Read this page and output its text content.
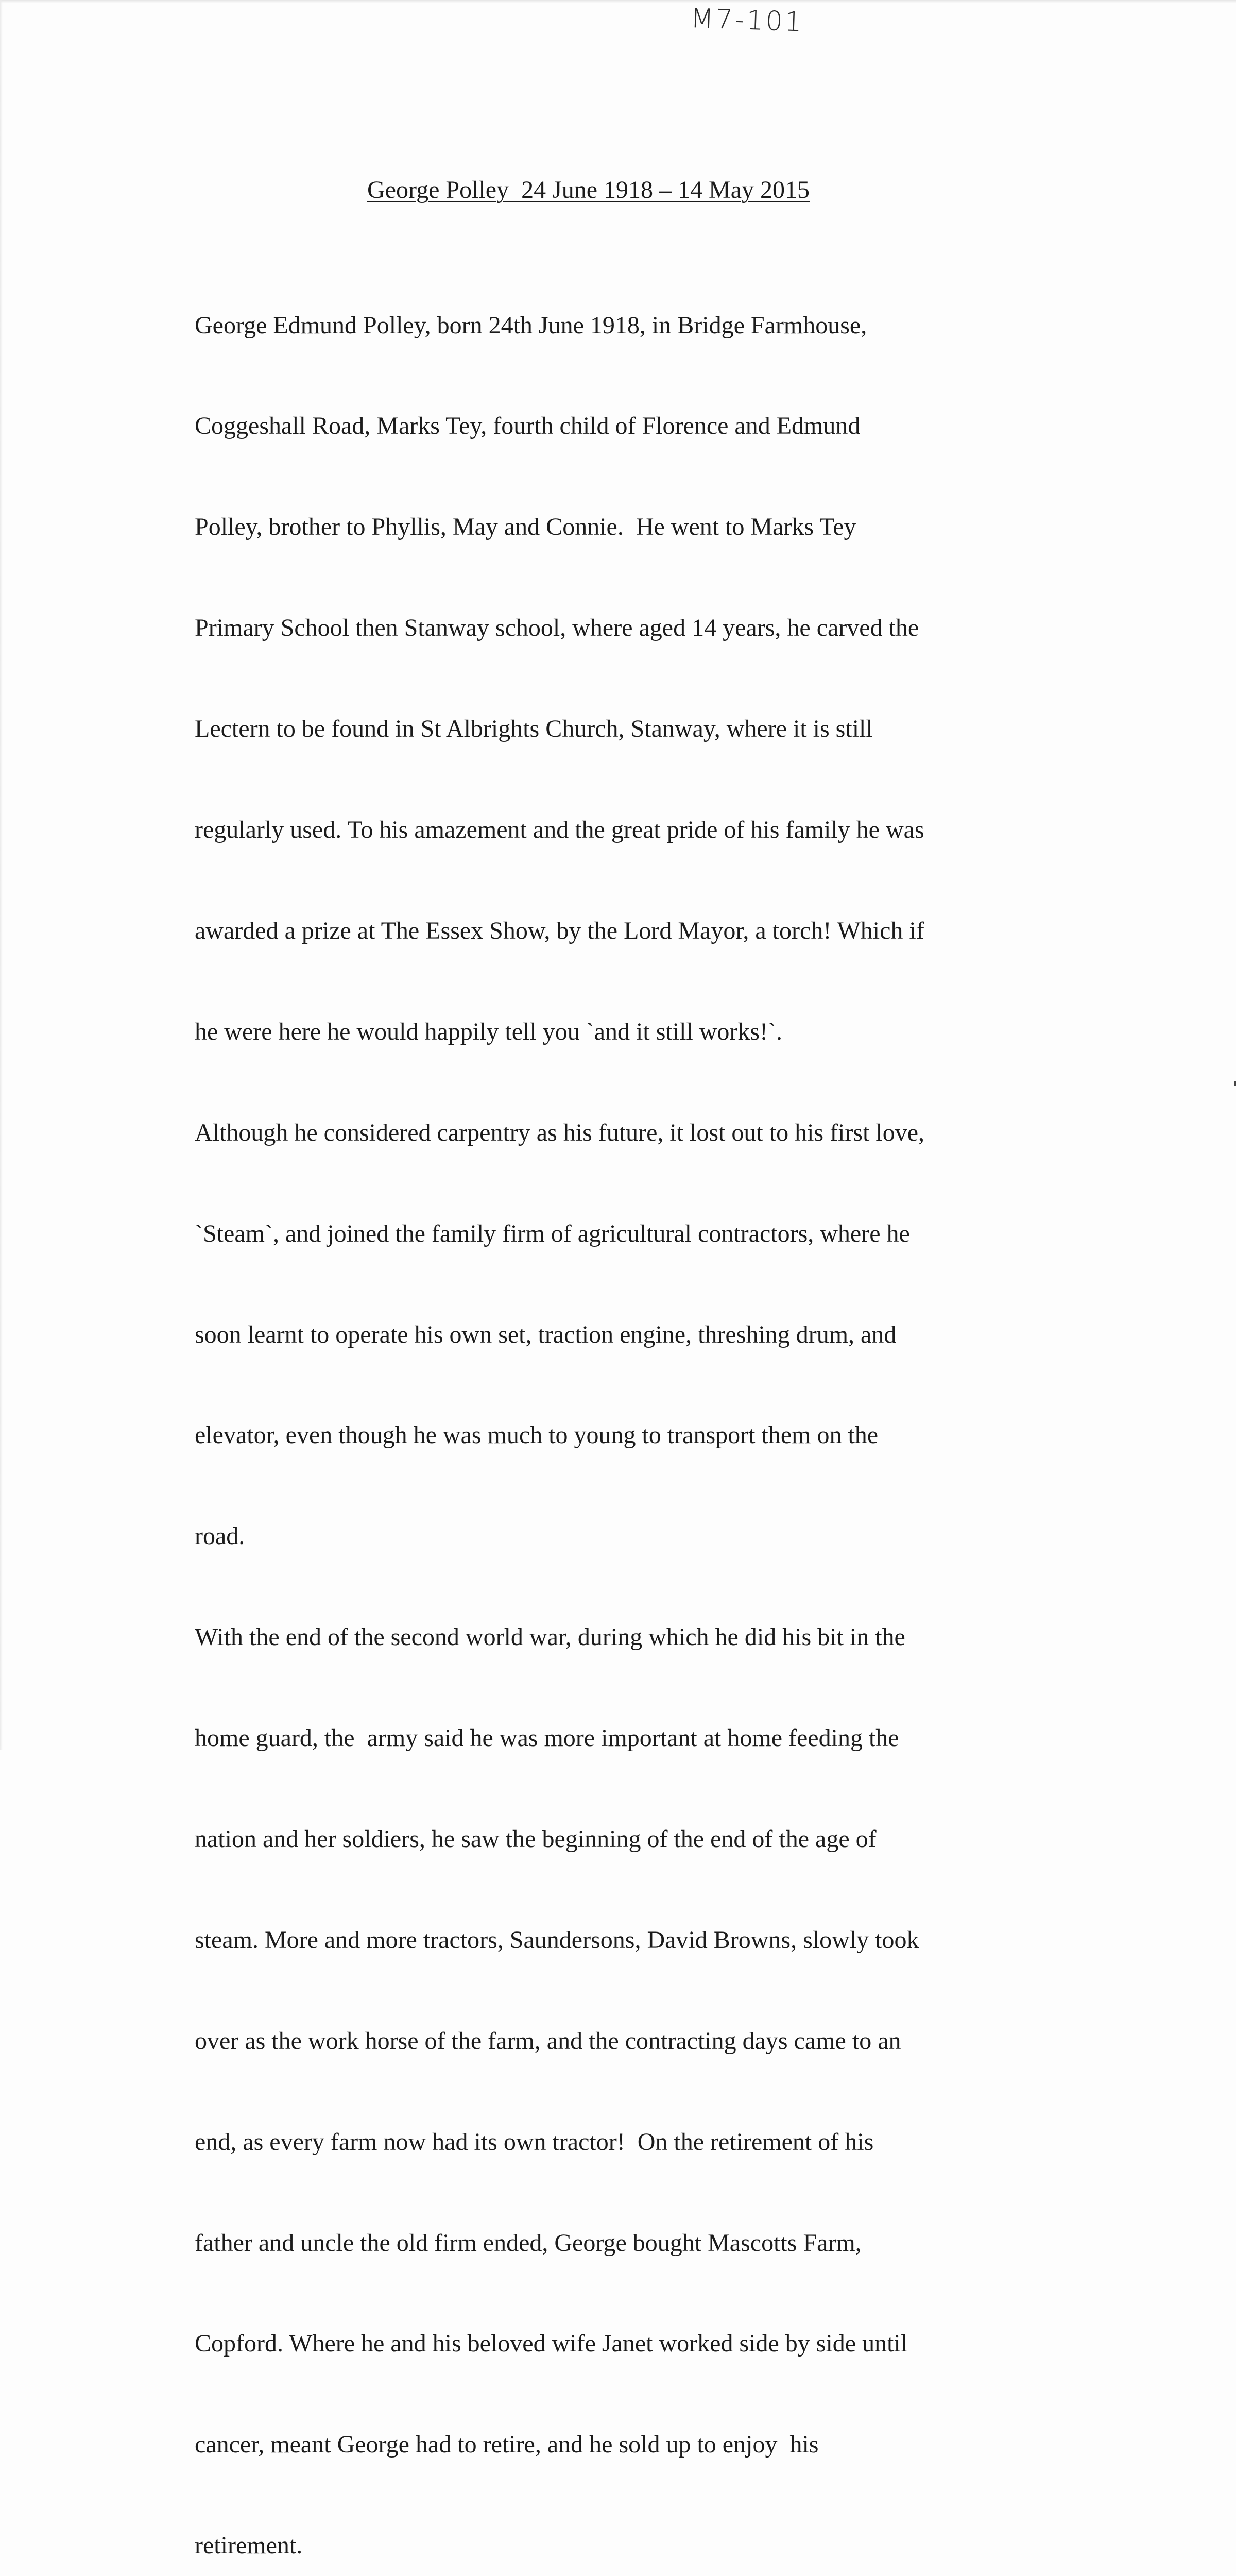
M7-101
George Polley  24 June 1918 – 14 May 2015

George Edmund Polley, born 24th June 1918, in Bridge Farmhouse,

Coggeshall Road, Marks Tey, fourth child of Florence and Edmund

Polley, brother to Phyllis, May and Connie.  He went to Marks Tey

Primary School then Stanway school, where aged 14 years, he carved the

Lectern to be found in St Albrights Church, Stanway, where it is still

regularly used. To his amazement and the great pride of his family he was

awarded a prize at The Essex Show, by the Lord Mayor, a torch! Which if

he were here he would happily tell you `and it still works!`.

Although he considered carpentry as his future, it lost out to his first love,

`Steam`, and joined the family firm of agricultural contractors, where he

soon learnt to operate his own set, traction engine, threshing drum, and

elevator, even though he was much to young to transport them on the

road.

With the end of the second world war, during which he did his bit in the

home guard, the  army said he was more important at home feeding the

nation and her soldiers, he saw the beginning of the end of the age of

steam. More and more tractors, Saundersons, David Browns, slowly took

over as the work horse of the farm, and the contracting days came to an

end, as every farm now had its own tractor!  On the retirement of his

father and uncle the old firm ended, George bought Mascotts Farm,

Copford. Where he and his beloved wife Janet worked side by side until

cancer, meant George had to retire, and he sold up to enjoy  his

retirement.
